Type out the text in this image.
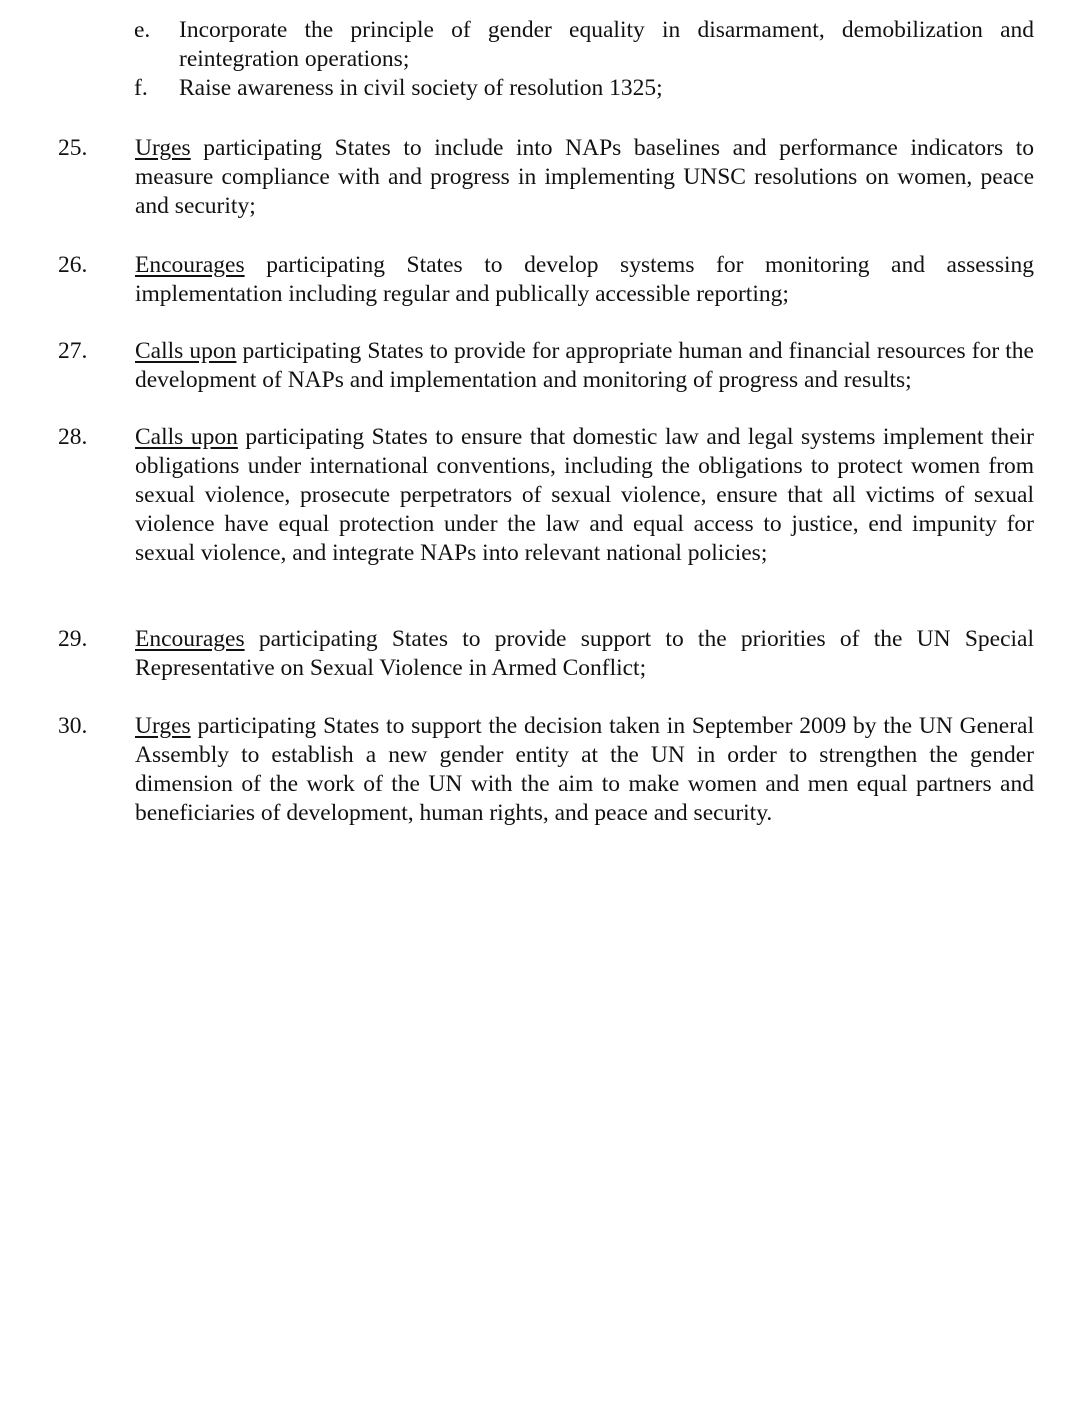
e.	Incorporate the principle of gender equality in disarmament, demobilization and reintegration operations;
f.	Raise awareness in civil society of resolution 1325;
25.	Urges participating States to include into NAPs baselines and performance indicators to measure compliance with and progress in implementing UNSC resolutions on women, peace and security;
26.	Encourages participating States to develop systems for monitoring and assessing implementation including regular and publically accessible reporting;
27.	Calls upon participating States to provide for appropriate human and financial resources for the development of NAPs and implementation and monitoring of progress and results;
28.	Calls upon participating States to ensure that domestic law and legal systems implement their obligations under international conventions, including the obligations to protect women from sexual violence, prosecute perpetrators of sexual violence, ensure that all victims of sexual violence have equal protection under the law and equal access to justice, end impunity for sexual violence, and integrate NAPs into relevant national policies;
29.	Encourages participating States to provide support to the priorities of the UN Special Representative on Sexual Violence in Armed Conflict;
30.	Urges participating States to support the decision taken in September 2009 by the UN General Assembly to establish a new gender entity at the UN in order to strengthen the gender dimension of the work of the UN with the aim to make women and men equal partners and beneficiaries of development, human rights, and peace and security.
